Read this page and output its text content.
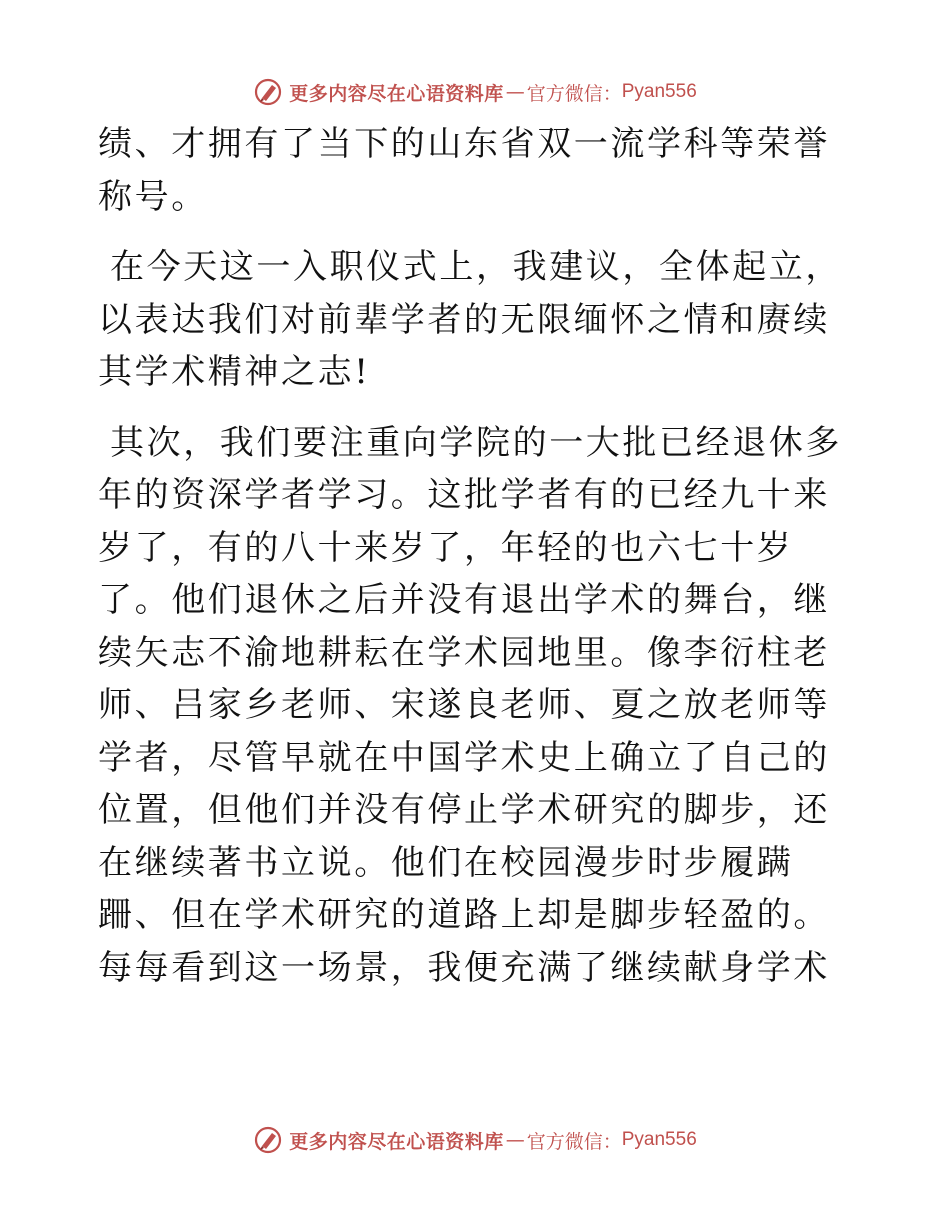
更多内容尽在心语资料库 — 官方微信： Pyan556

绩、才拥有了当下的山东省双一流学科等荣誉称号。

在今天这一入职仪式上，我建议，全体起立，以表达我们对前辈学者的无限缅怀之情和赓续其学术精神之志!

其次，我们要注重向学院的一大批已经退休多年的资深学者学习。这批学者有的已经九十来岁了，有的八十来岁了，年轻的也六七十岁了。他们退休之后并没有退出学术的舞台，继续矢志不渝地耕耘在学术园地里。像李衍柱老师、吕家乡老师、宋遂良老师、夏之放老师等学者，尽管早就在中国学术史上确立了自己的位置，但他们并没有停止学术研究的脚步，还在继续著书立说。他们在校园漫步时步履蹒跚、但在学术研究的道路上却是脚步轻盈的。每每看到这一场景，我便充满了继续献身学术

更多内容尽在心语资料库 — 官方微信： Pyan556
